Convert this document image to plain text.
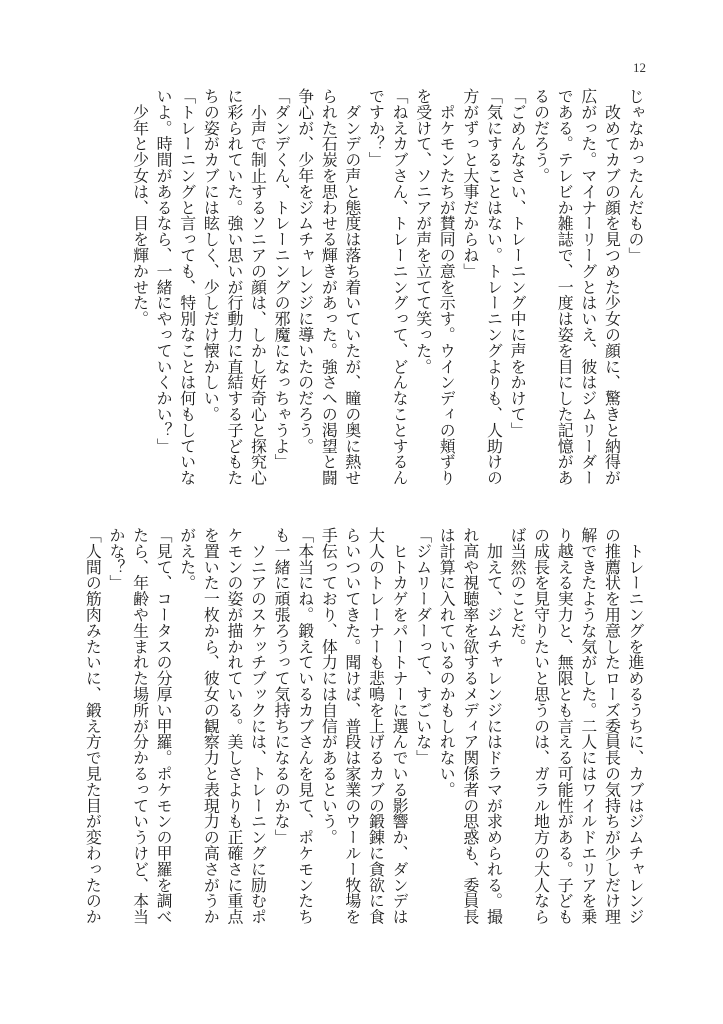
12
じゃなかったんだもの」
　改めてカブの顔を見つめた少女の顔に、驚きと納得が
広がった。マイナーリーグとはいえ、彼はジムリーダー
である。テレビか雑誌で、一度は姿を目にした記憶があ
るのだろう。
「ごめんなさい、トレーニング中に声をかけて」
「気にすることはない。トレーニングよりも、人助けの
方がずっと大事だからね」
　ポケモンたちが賛同の意を示す。ウインディの頬ずり
を受けて、ソニアが声を立てて笑った。
「ねえカブさん、トレーニングって、どんなことするん
ですか？」
　ダンデの声と態度は落ち着いていたが、瞳の奥に熱せ
られた石炭を思わせる輝きがあった。強さへの渇望と闘
争心が、少年をジムチャレンジに導いたのだろう。
「ダンデくん、トレーニングの邪魔になっちゃうよ」
　小声で制止するソニアの顔は、しかし好奇心と探究心
に彩られていた。強い思いが行動力に直結する子どもた
ちの姿がカブには眩しく、少しだけ懐かしい。
「トレーニングと言っても、特別なことは何もしていな
いよ。時間があるなら、一緒にやっていくかい？」
　少年と少女は、目を輝かせた。
　トレーニングを進めるうちに、カブはジムチャレンジ
の推薦状を用意したローズ委員長の気持ちが少しだけ理
解できたような気がした。二人にはワイルドエリアを乗
り越える実力と、無限とも言える可能性がある。子ども
の成長を見守りたいと思うのは、ガラル地方の大人なら
ば当然のことだ。
　加えて、ジムチャレンジにはドラマが求められる。撮
れ高や視聴率を欲するメディア関係者の思惑も、委員長
は計算に入れているのかもしれない。
「ジムリーダーって、すごいな」
　ヒトカゲをパートナーに選んでいる影響か、ダンデは
大人のトレーナーも悲鳴を上げるカブの鍛錬に貪欲に食
らいついてきた。聞けば、普段は家業のウールー牧場を
手伝っており、体力には自信があるという。
「本当にね。鍛えているカブさんを見て、ポケモンたち
も一緒に頑張ろうって気持ちになるのかな」
　ソニアのスケッチブックには、トレーニングに励むポ
ケモンの姿が描かれている。美しさよりも正確さに重点
を置いた一枚から、彼女の観察力と表現力の高さがうか
がえた。
「見て、コータスの分厚い甲羅。ポケモンの甲羅を調べ
たら、年齢や生まれた場所が分かるっていうけど、本当
かな？」
「人間の筋肉みたいに、鍛え方で見た目が変わったのか
